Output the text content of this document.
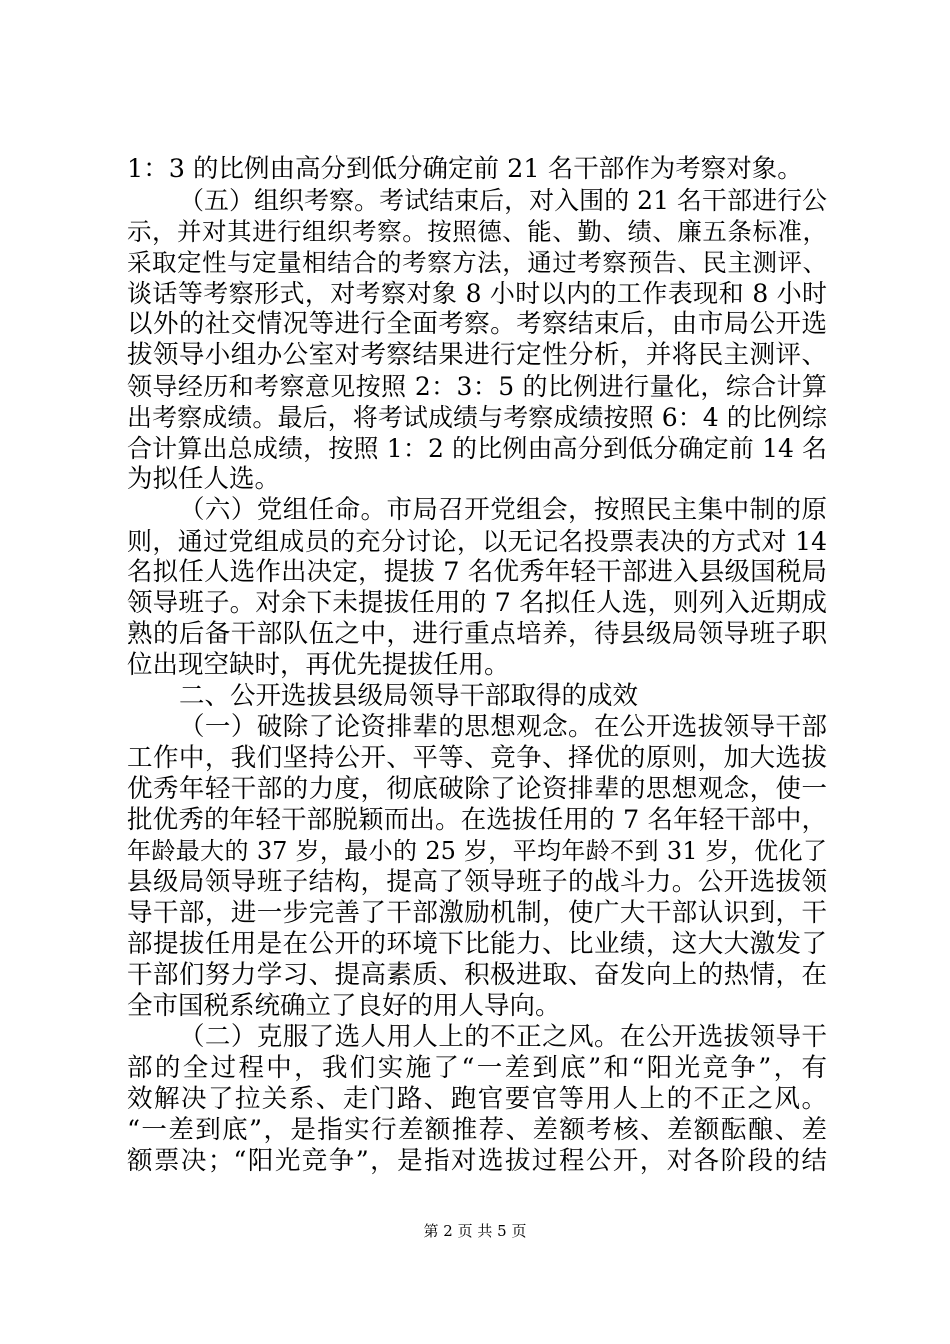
1：3 的比例由高分到低分确定前 21 名干部作为考察对象。
（五）组织考察。考试结束后，对入围的 21 名干部进行公
示，并对其进行组织考察。按照德、能、勤、绩、廉五条标准，
采取定性与定量相结合的考察方法，通过考察预告、民主测评、
谈话等考察形式，对考察对象 8 小时以内的工作表现和 8 小时
以外的社交情况等进行全面考察。考察结束后，由市局公开选
拔领导小组办公室对考察结果进行定性分析，并将民主测评、
领导经历和考察意见按照 2：3：5 的比例进行量化，综合计算
出考察成绩。最后，将考试成绩与考察成绩按照 6：4 的比例综
合计算出总成绩，按照 1：2 的比例由高分到低分确定前 14 名
为拟任人选。
（六）党组任命。市局召开党组会，按照民主集中制的原
则，通过党组成员的充分讨论，以无记名投票表决的方式对 14
名拟任人选作出决定，提拔 7 名优秀年轻干部进入县级国税局
领导班子。对余下未提拔任用的 7 名拟任人选，则列入近期成
熟的后备干部队伍之中，进行重点培养，待县级局领导班子职
位出现空缺时，再优先提拔任用。
二、公开选拔县级局领导干部取得的成效
（一）破除了论资排辈的思想观念。在公开选拔领导干部
工作中，我们坚持公开、平等、竞争、择优的原则，加大选拔
优秀年轻干部的力度，彻底破除了论资排辈的思想观念，使一
批优秀的年轻干部脱颖而出。在选拔任用的 7 名年轻干部中，
年龄最大的 37 岁，最小的 25 岁，平均年龄不到 31 岁，优化了
县级局领导班子结构，提高了领导班子的战斗力。公开选拔领
导干部，进一步完善了干部激励机制，使广大干部认识到，干
部提拔任用是在公开的环境下比能力、比业绩，这大大激发了
干部们努力学习、提高素质、积极进取、奋发向上的热情，在
全市国税系统确立了良好的用人导向。
（二）克服了选人用人上的不正之风。在公开选拔领导干
部的全过程中，我们实施了“一差到底”和“阳光竞争”，有
效解决了拉关系、走门路、跑官要官等用人上的不正之风。
“一差到底”，是指实行差额推荐、差额考核、差额酝酿、差
额票决；“阳光竞争”，是指对选拔过程公开，对各阶段的结
第 2 页 共 5 页
